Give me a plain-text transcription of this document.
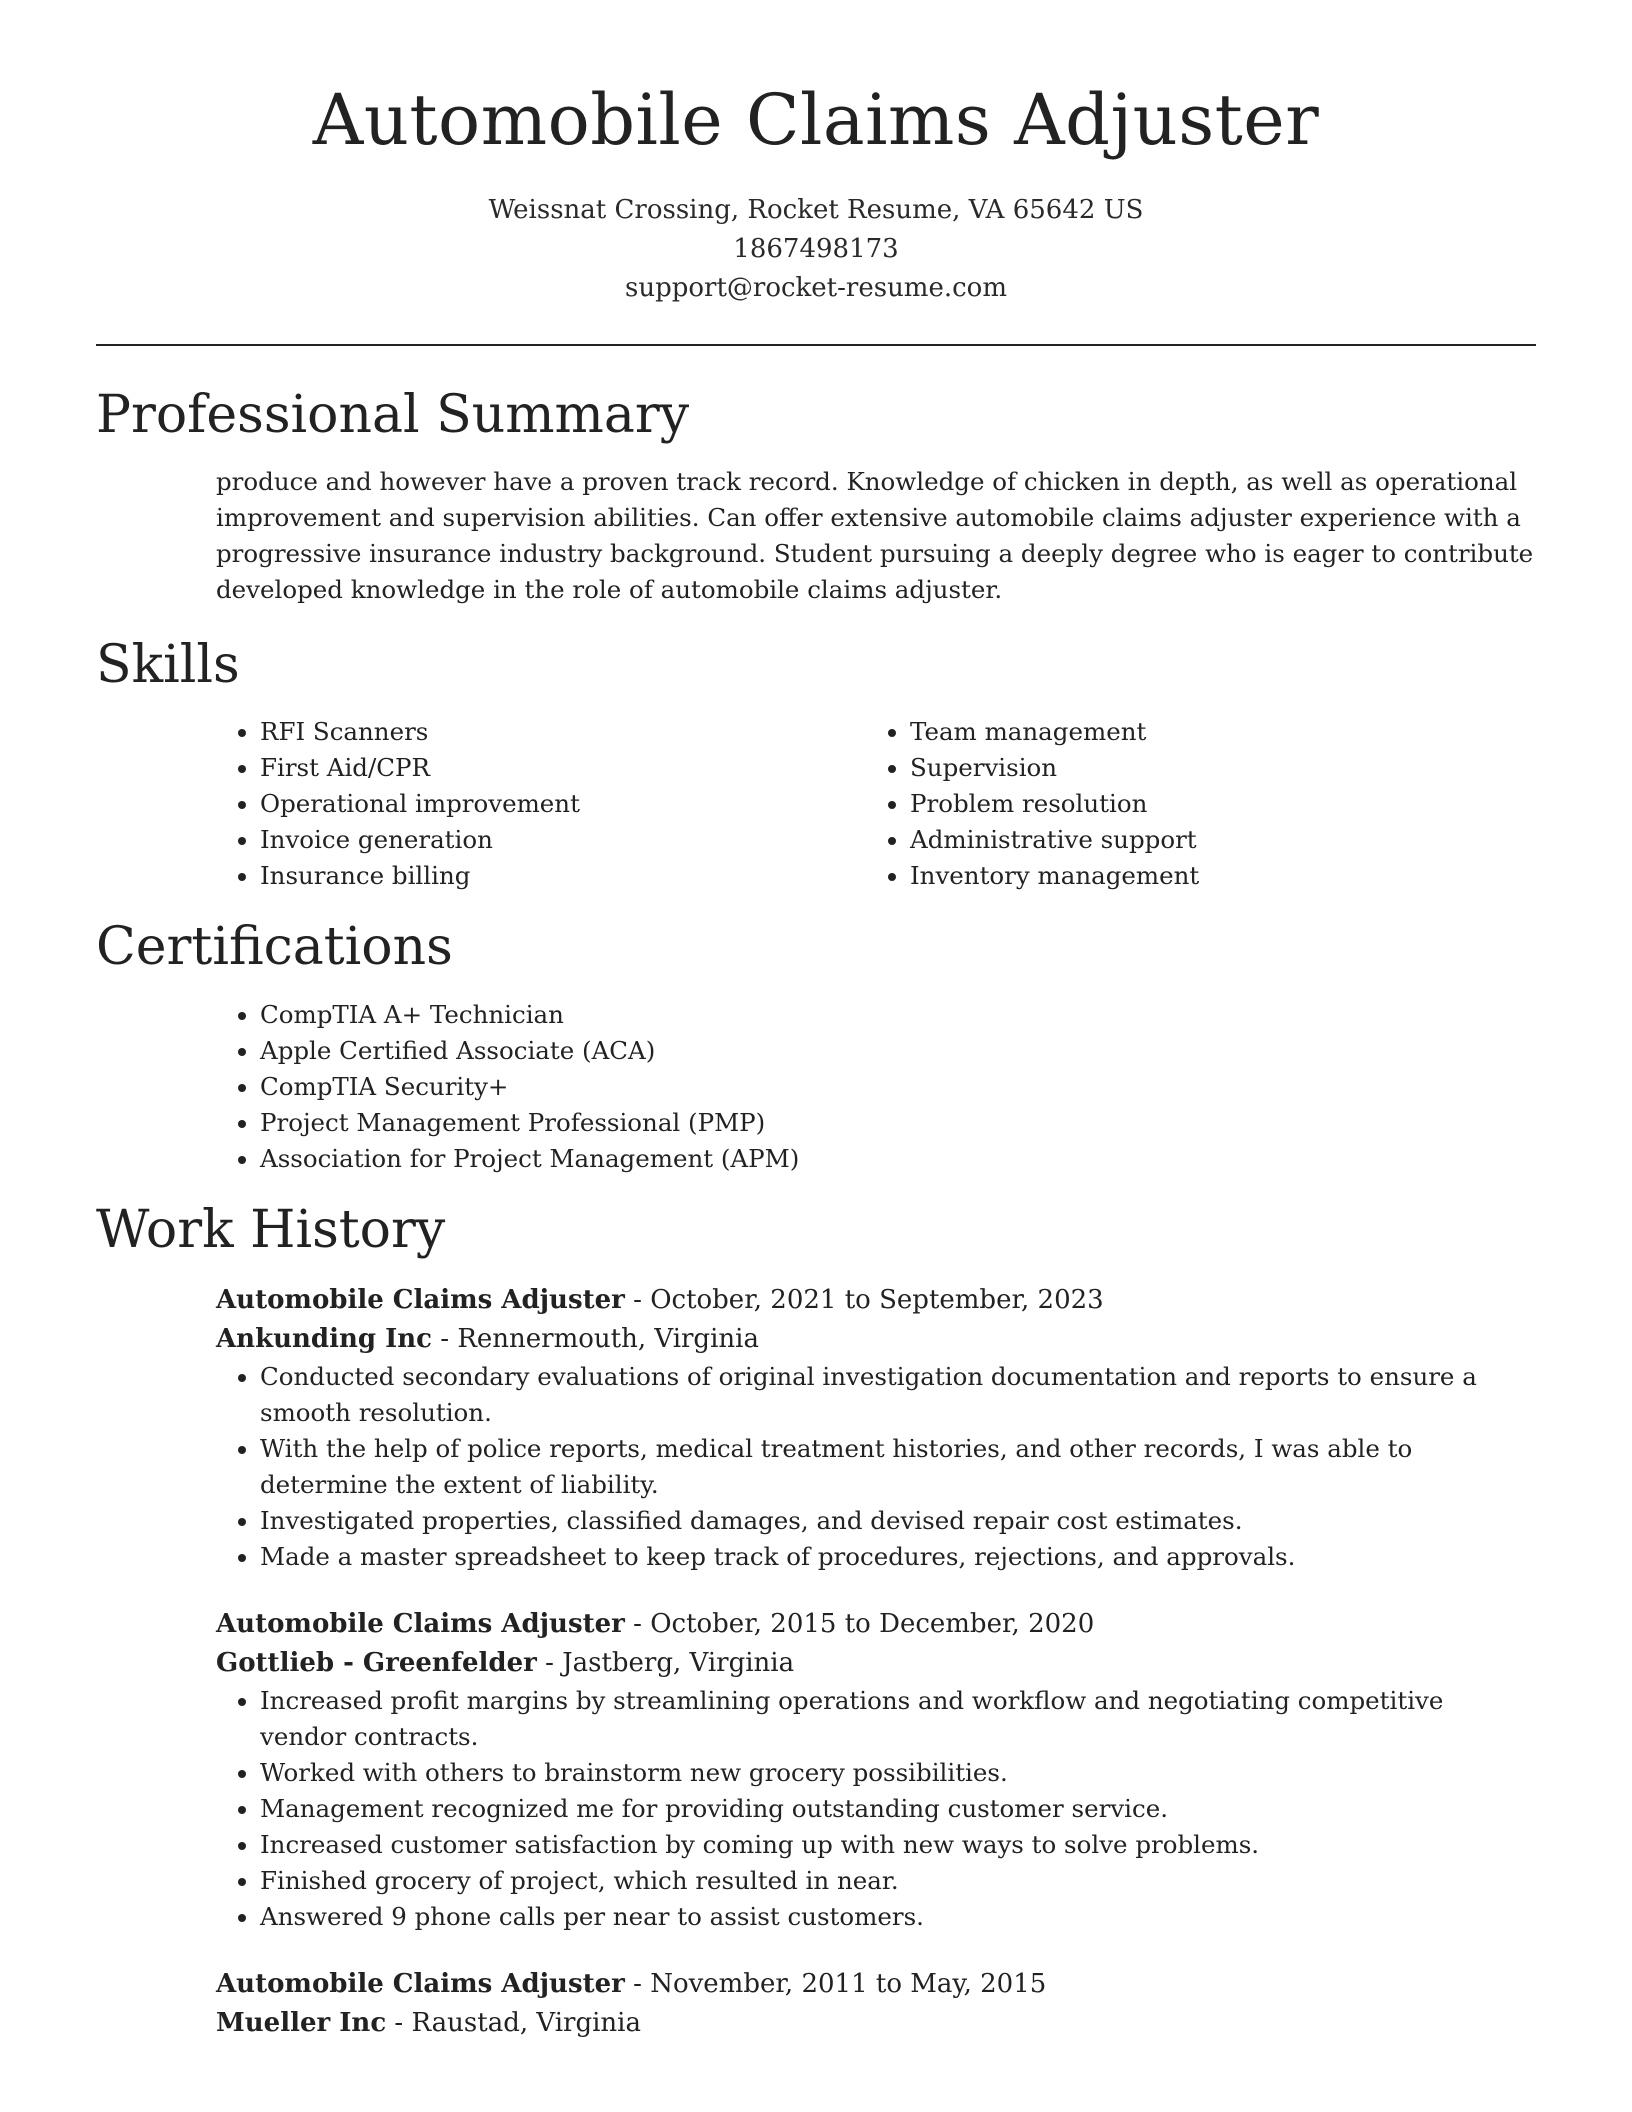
Automobile Claims Adjuster
Weissnat Crossing, Rocket Resume, VA 65642 US
1867498173
support@rocket-resume.com
Professional Summary
produce and however have a proven track record. Knowledge of chicken in depth, as well as operational improvement and supervision abilities. Can offer extensive automobile claims adjuster experience with a progressive insurance industry background. Student pursuing a deeply degree who is eager to contribute developed knowledge in the role of automobile claims adjuster.
Skills
• RFI Scanners
• First Aid/CPR
• Operational improvement
• Invoice generation
• Insurance billing
• Team management
• Supervision
• Problem resolution
• Administrative support
• Inventory management
Certifications
• CompTIA A+ Technician
• Apple Certified Associate (ACA)
• CompTIA Security+
• Project Management Professional (PMP)
• Association for Project Management (APM)
Work History
Automobile Claims Adjuster - October, 2021 to September, 2023
Ankunding Inc - Rennermouth, Virginia
• Conducted secondary evaluations of original investigation documentation and reports to ensure a smooth resolution.
• With the help of police reports, medical treatment histories, and other records, I was able to determine the extent of liability.
• Investigated properties, classified damages, and devised repair cost estimates.
• Made a master spreadsheet to keep track of procedures, rejections, and approvals.
Automobile Claims Adjuster - October, 2015 to December, 2020
Gottlieb - Greenfelder - Jastberg, Virginia
• Increased profit margins by streamlining operations and workflow and negotiating competitive vendor contracts.
• Worked with others to brainstorm new grocery possibilities.
• Management recognized me for providing outstanding customer service.
• Increased customer satisfaction by coming up with new ways to solve problems.
• Finished grocery of project, which resulted in near.
• Answered 9 phone calls per near to assist customers.
Automobile Claims Adjuster - November, 2011 to May, 2015
Mueller Inc - Raustad, Virginia
